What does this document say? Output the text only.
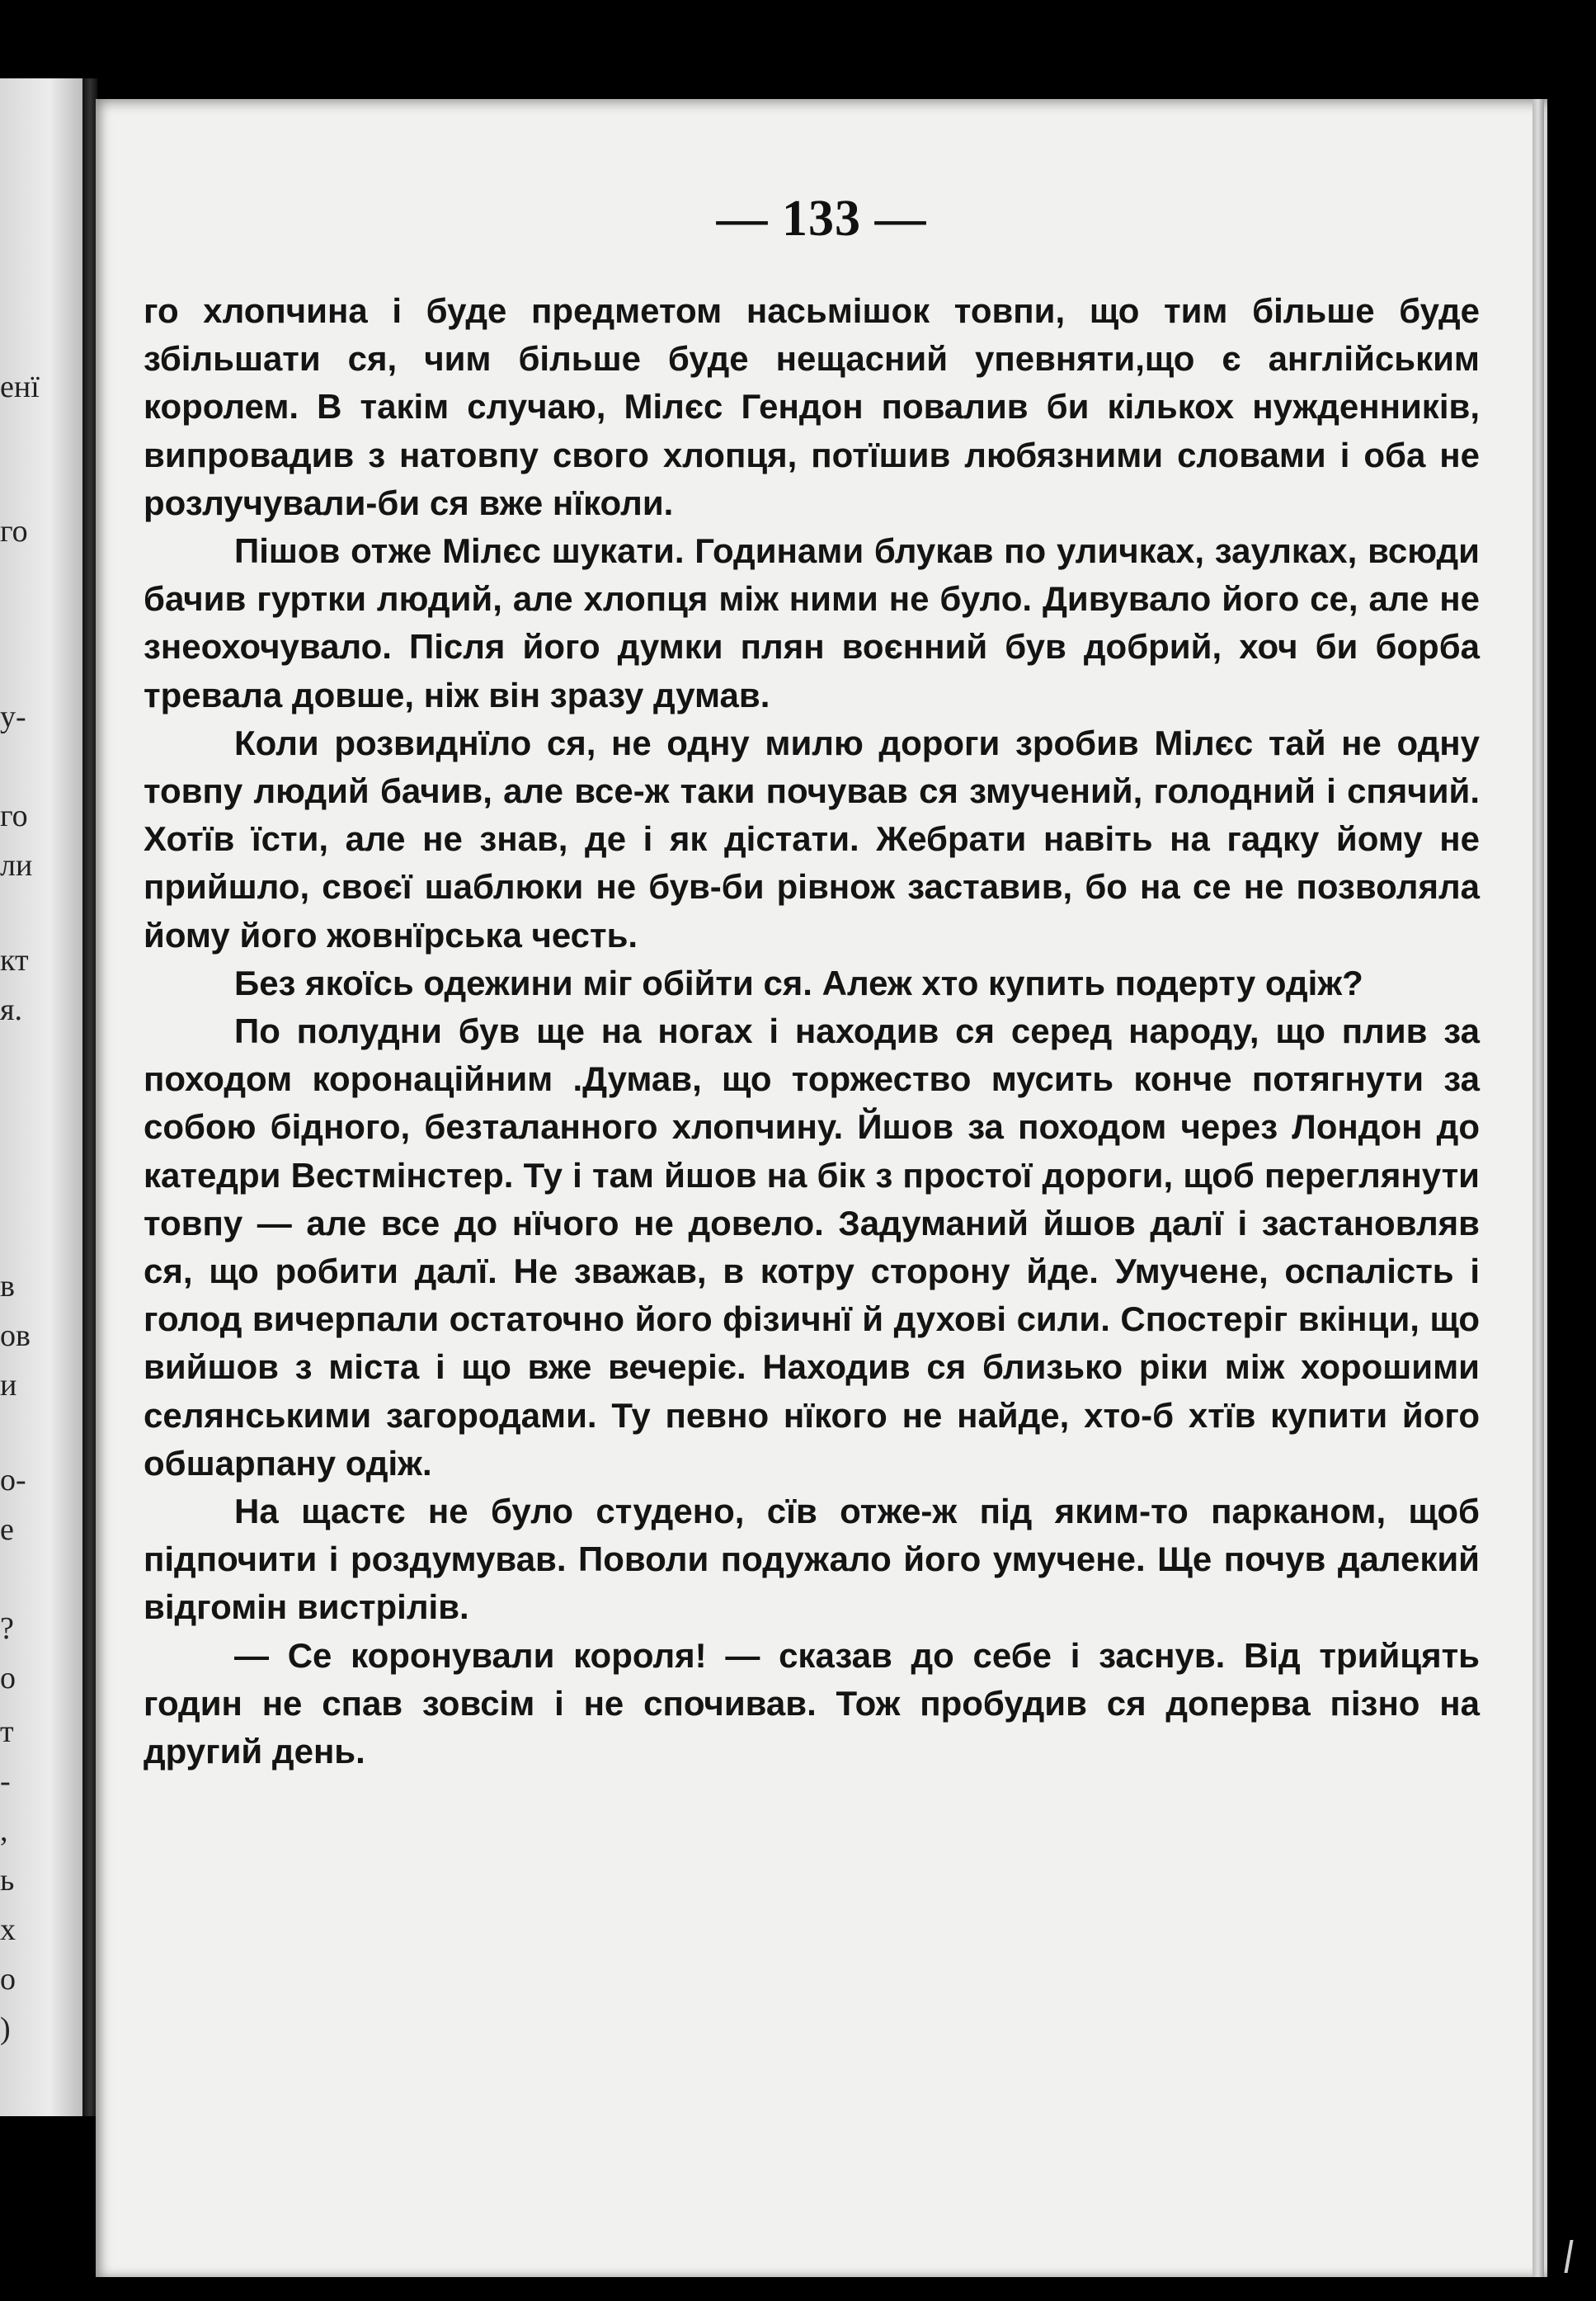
енї
го
у-
го
ли
кт
я.
в
ов
и
о-
е
?
о
т
-
,
ь
х
о
)
— 133 —

го хлопчина і буде предметом насьмішок товпи, що тим більше буде збільшати ся, чим більше буде нещасний упевняти,що є англійським королем. В такім случаю, Мілєс Гендон повалив би кількох нужденників, випровадив з натовпу свого хлопця, потїшив любязними словами і оба не розлучували-би ся вже нїколи.

Пішов отже Мілєс шукати. Годинами блукав по уличках, заулках, всюди бачив гуртки людий, але хлопця між ними не було. Дивувало його се, але не знеохочувало. Після його думки плян воєнний був добрий, хоч би борба тревала довше, ніж він зразу думав.

Коли розвиднїло ся, не одну милю дороги зробив Мілєс тай не одну товпу людий бачив, але все-ж таки почував ся змучений, голодний і спячий. Хотїв їсти, але не знав, де і як дістати. Жебрати навіть на гадку йому не прийшло, своєї шаблюки не був-би рівнож заставив, бо на се не позволяла йому його жовнїрська честь.

Без якоїсь одежини міг обійти ся. Алеж хто купить подерту одіж?

По полудни був ще на ногах і находив ся серед народу, що плив за походом коронаційним .Думав, що торжество мусить конче потягнути за собою бідного, безталанного хлопчину. Йшов за походом через Лондон до катедри Вестмінстер. Ту і там йшов на бік з простої дороги, щоб переглянути товпу — але все до нїчого не довело. Задуманий йшов далї і застановляв ся, що робити далї. Не зважав, в котру сторону йде. Умучене, оспалість і голод вичерпали остаточно його фізичнї й духові сили. Спостеріг вкінци, що вийшов з міста і що вже вечеріє. Находив ся близько ріки між хорошими селянськими загородами. Ту певно нїкого не найде, хто-б хтїв купити його обшарпану одіж.

На щастє не було студено, сїв отже-ж під яким-то парканом, щоб підпочити і роздумував. Поволи подужало його умучене. Ще почув далекий відгомін вистрілів.

— Се коронували короля! — сказав до себе і заснув. Від трийцять годин не спав зовсім і не спочивав. Тож пробудив ся доперва пізно на другий день.
